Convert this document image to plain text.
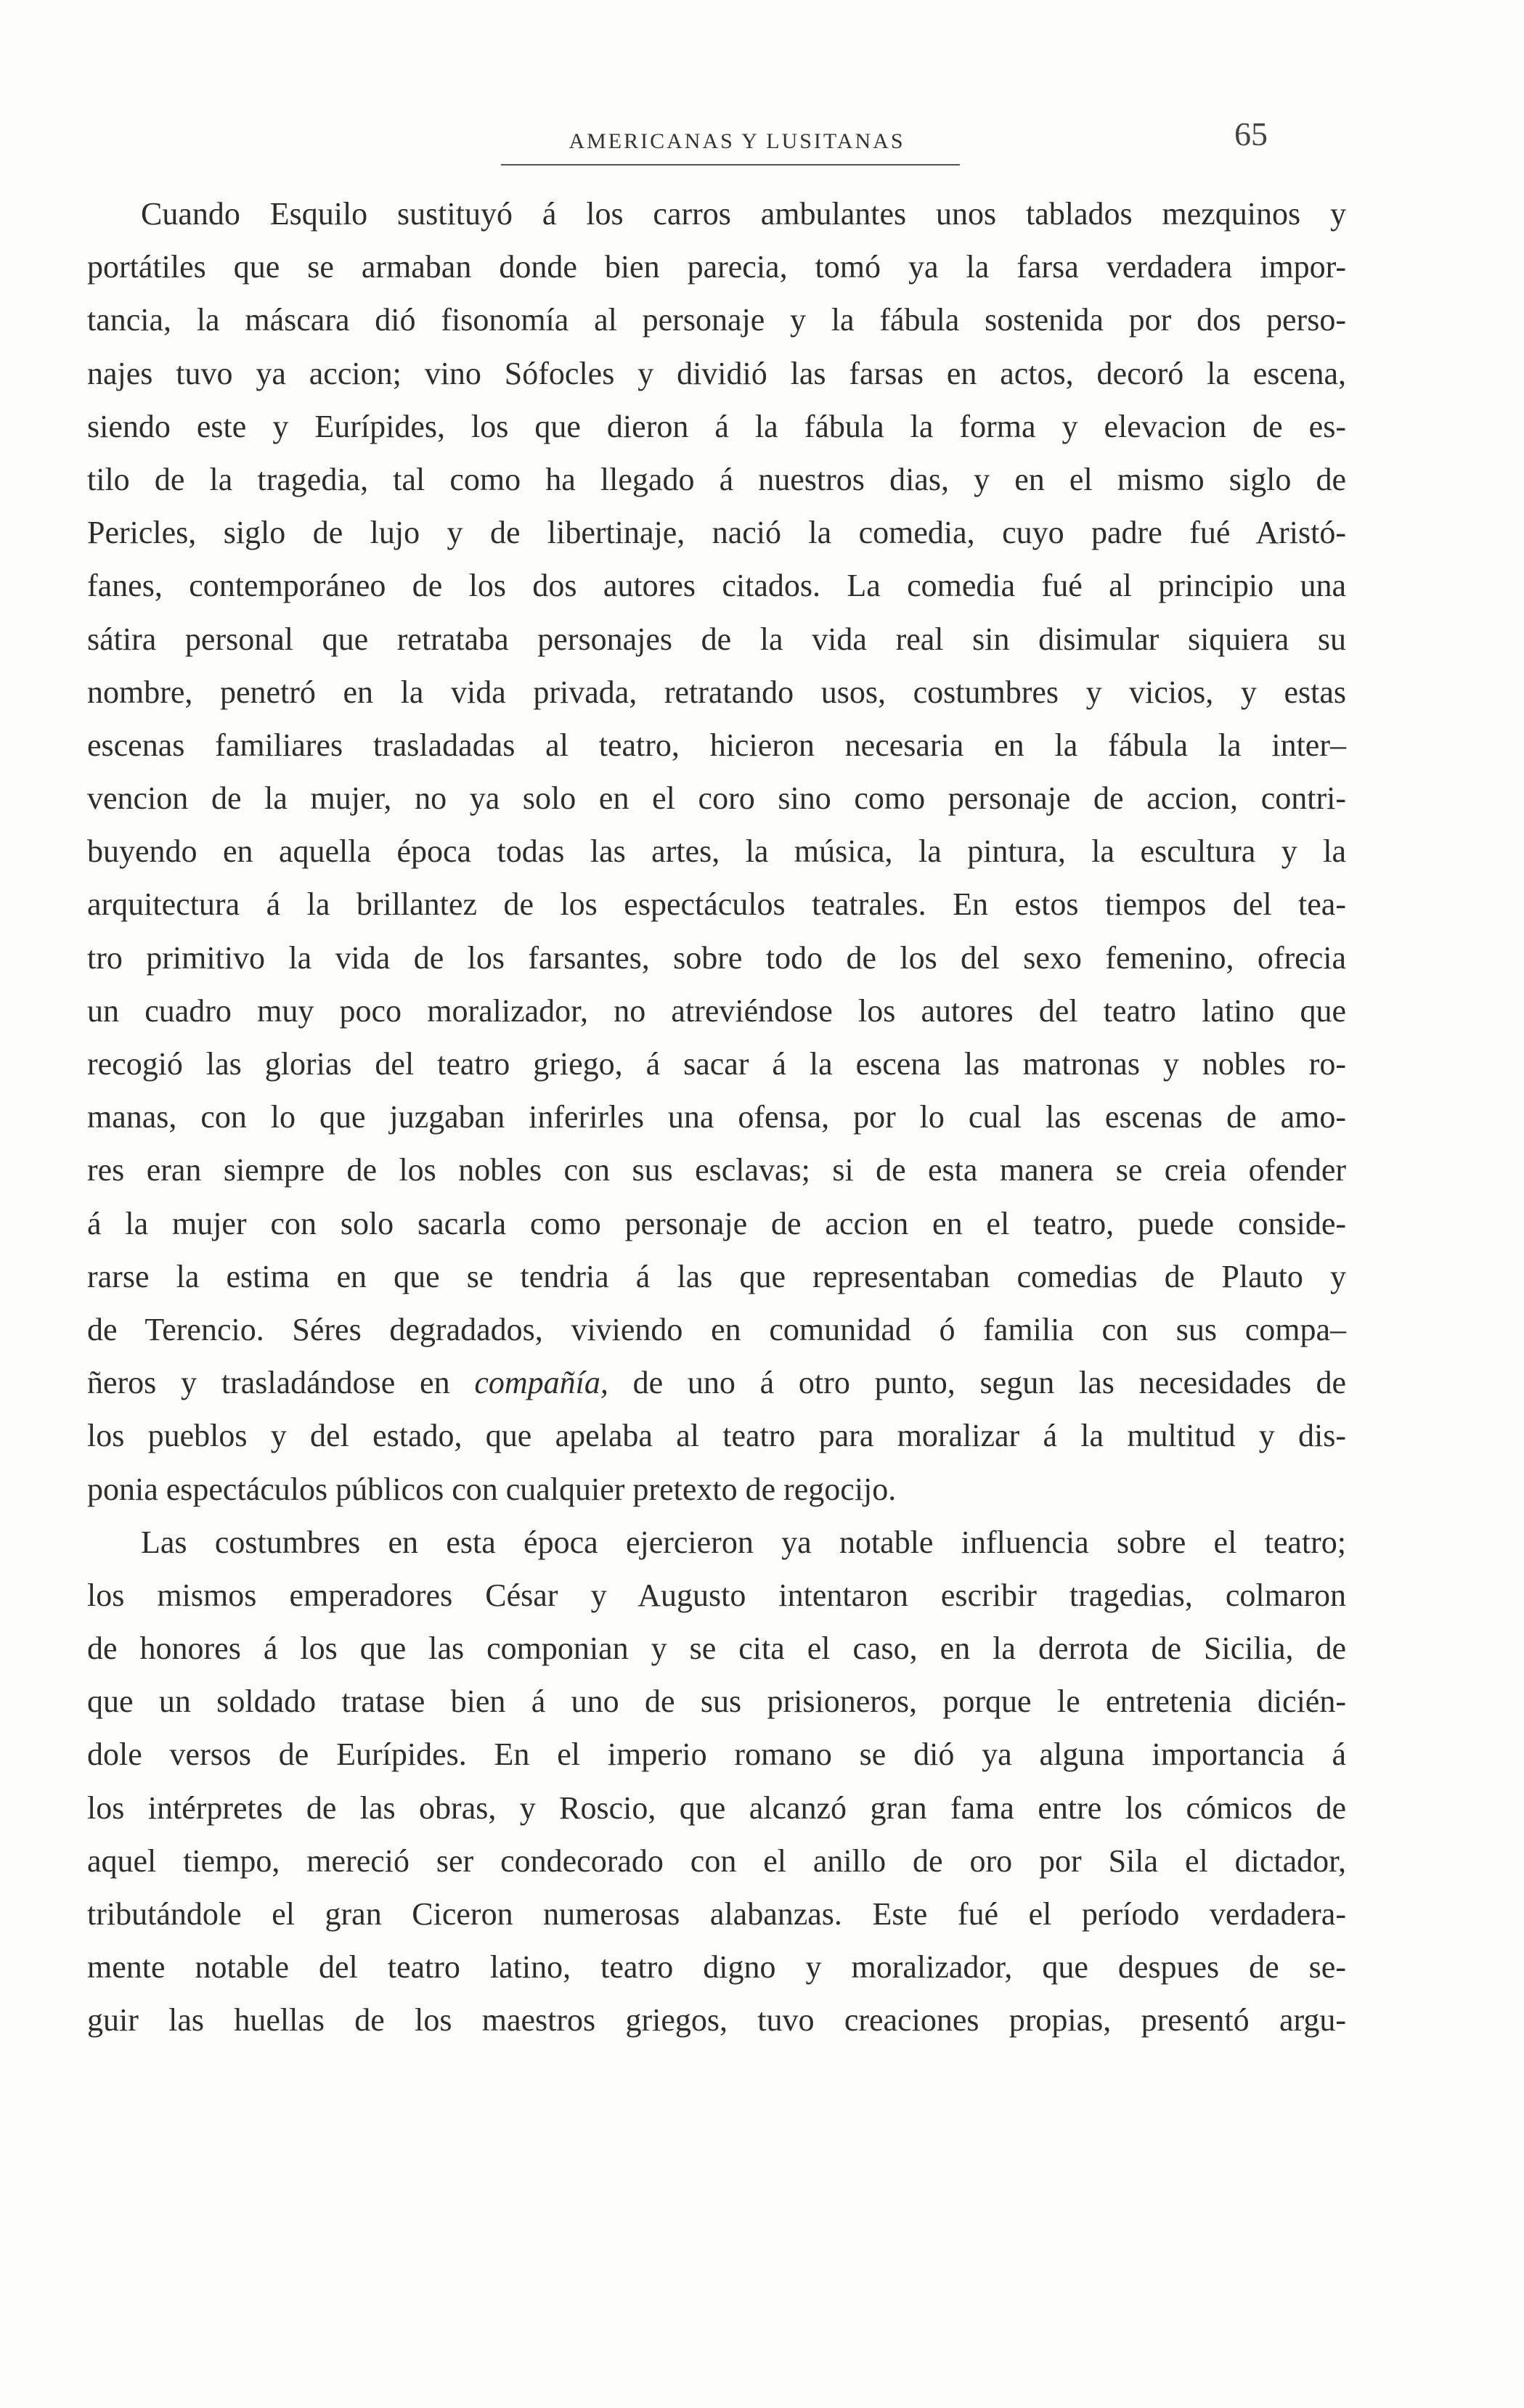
AMERICANAS Y LUSITANAS	65
Cuando Esquilo sustituyó á los carros ambulantes unos tablados mezquinos y
portátiles que se armaban donde bien parecia, tomó ya la farsa verdadera impor-
tancia, la máscara dió fisonomía al personaje y la fábula sostenida por dos perso-
najes tuvo ya accion; vino Sófocles y dividió las farsas en actos, decoró la escena,
siendo este y Eurípides, los que dieron á la fábula la forma y elevacion de es-
tilo de la tragedia, tal como ha llegado á nuestros dias, y en el mismo siglo de
Pericles, siglo de lujo y de libertinaje, nació la comedia, cuyo padre fué Aristó-
fanes, contemporáneo de los dos autores citados. La comedia fué al principio una
sátira personal que retrataba personajes de la vida real sin disimular siquiera su
nombre, penetró en la vida privada, retratando usos, costumbres y vicios, y estas
escenas familiares trasladadas al teatro, hicieron necesaria en la fábula la inter–
vencion de la mujer, no ya solo en el coro sino como personaje de accion, contri-
buyendo en aquella época todas las artes, la música, la pintura, la escultura y la
arquitectura á la brillantez de los espectáculos teatrales. En estos tiempos del tea-
tro primitivo la vida de los farsantes, sobre todo de los del sexo femenino, ofrecia
un cuadro muy poco moralizador, no atreviéndose los autores del teatro latino que
recogió las glorias del teatro griego, á sacar á la escena las matronas y nobles ro-
manas, con lo que juzgaban inferirles una ofensa, por lo cual las escenas de amo-
res eran siempre de los nobles con sus esclavas; si de esta manera se creia ofender
á la mujer con solo sacarla como personaje de accion en el teatro, puede conside-
rarse la estima en que se tendria á las que representaban comedias de Plauto y
de Terencio. Séres degradados, viviendo en comunidad ó familia con sus compa–
ñeros y trasladándose en compañía, de uno á otro punto, segun las necesidades de
los pueblos y del estado, que apelaba al teatro para moralizar á la multitud y dis-
ponia espectáculos públicos con cualquier pretexto de regocijo.
Las costumbres en esta época ejercieron ya notable influencia sobre el teatro;
los mismos emperadores César y Augusto intentaron escribir tragedias, colmaron
de honores á los que las componian y se cita el caso, en la derrota de Sicilia, de
que un soldado tratase bien á uno de sus prisioneros, porque le entretenia dicién-
dole versos de Eurípides. En el imperio romano se dió ya alguna importancia á
los intérpretes de las obras, y Roscio, que alcanzó gran fama entre los cómicos de
aquel tiempo, mereció ser condecorado con el anillo de oro por Sila el dictador,
tributándole el gran Ciceron numerosas alabanzas. Este fué el período verdadera-
mente notable del teatro latino, teatro digno y moralizador, que despues de se-
guir las huellas de los maestros griegos, tuvo creaciones propias, presentó argu-
